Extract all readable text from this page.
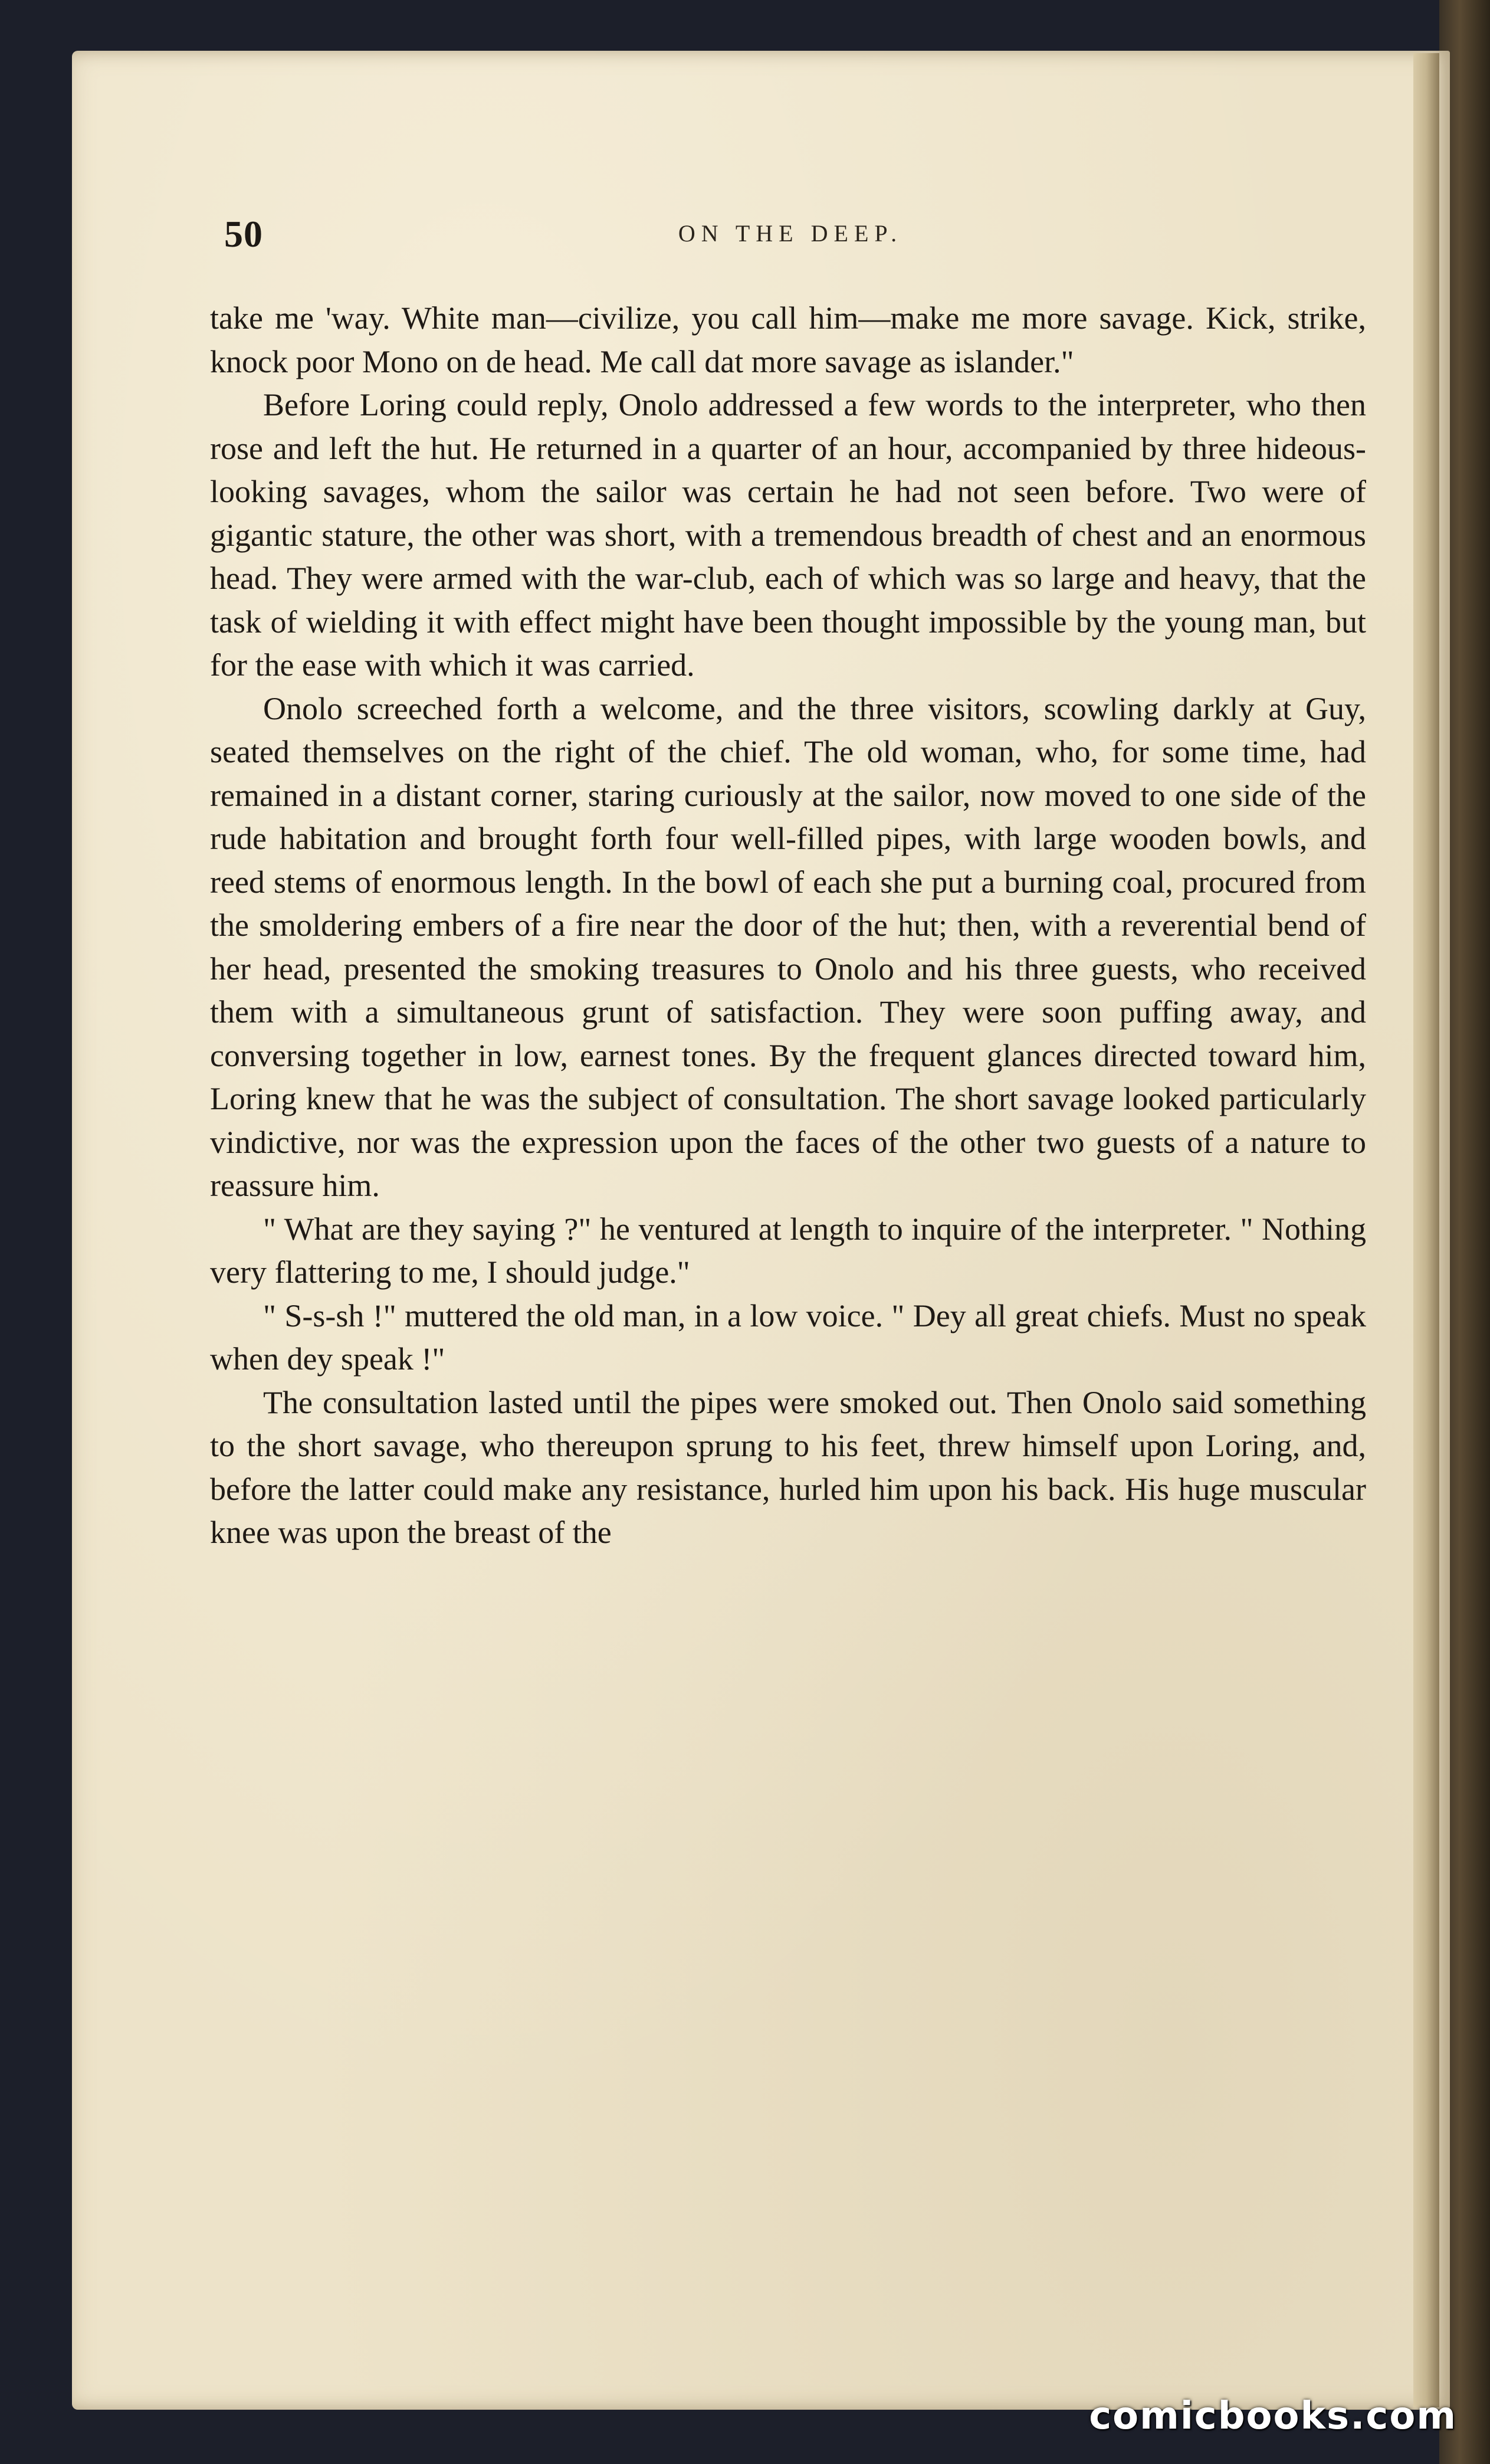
50	ON THE DEEP.

take me 'way. White man—civilize, you call him—make me more savage. Kick, strike, knock poor Mono on de head. Me call dat more savage as islander."

Before Loring could reply, Onolo addressed a few words to the interpreter, who then rose and left the hut. He returned in a quarter of an hour, accompanied by three hideous-looking savages, whom the sailor was certain he had not seen before. Two were of gigantic stature, the other was short, with a tremendous breadth of chest and an enormous head. They were armed with the war-club, each of which was so large and heavy, that the task of wielding it with effect might have been thought impossible by the young man, but for the ease with which it was carried.

Onolo screeched forth a welcome, and the three visitors, scowling darkly at Guy, seated themselves on the right of the chief. The old woman, who, for some time, had remained in a distant corner, staring curiously at the sailor, now moved to one side of the rude habitation and brought forth four well-filled pipes, with large wooden bowls, and reed stems of enormous length. In the bowl of each she put a burning coal, procured from the smoldering embers of a fire near the door of the hut; then, with a reverential bend of her head, presented the smoking treasures to Onolo and his three guests, who received them with a simultaneous grunt of satisfaction. They were soon puffing away, and conversing together in low, earnest tones. By the frequent glances directed toward him, Loring knew that he was the subject of consultation. The short savage looked particularly vindictive, nor was the expression upon the faces of the other two guests of a nature to reassure him.

" What are they saying ?" he ventured at length to inquire of the interpreter. " Nothing very flattering to me, I should judge."

" S-s-sh !" muttered the old man, in a low voice. " Dey all great chiefs. Must no speak when dey speak !"

The consultation lasted until the pipes were smoked out. Then Onolo said something to the short savage, who thereupon sprung to his feet, threw himself upon Loring, and, before the latter could make any resistance, hurled him upon his back. His huge muscular knee was upon the breast of the

comicbooks.com
